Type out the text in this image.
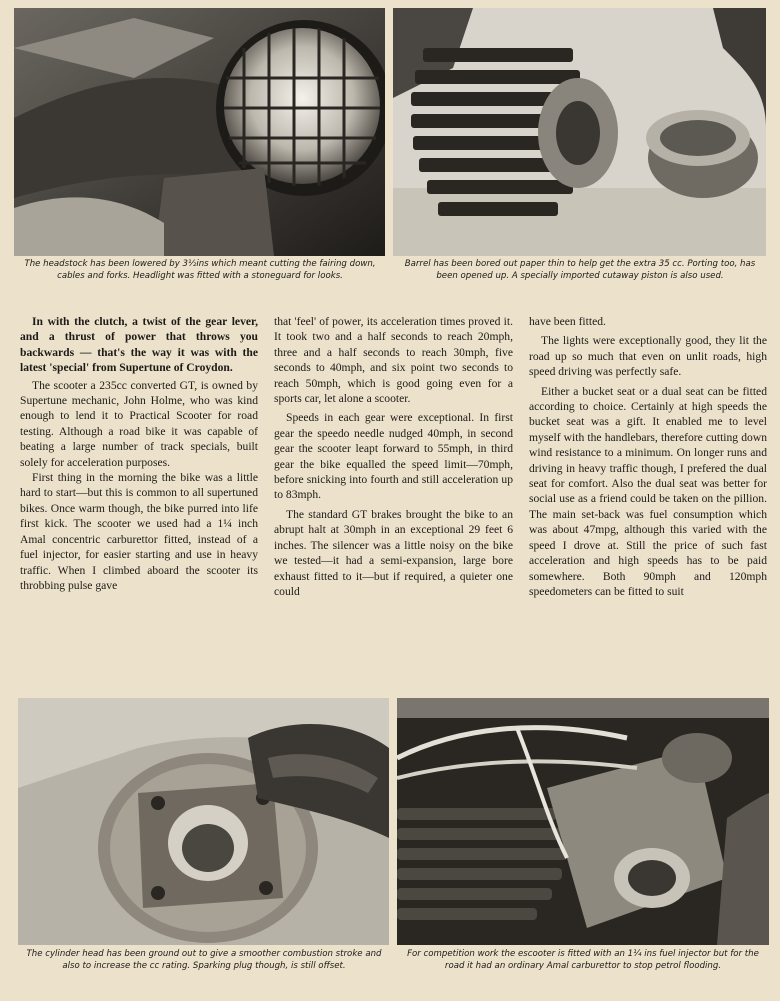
The headstock has been lowered by 3½ins which meant cutting the fairing down, cables and forks. Headlight was fitted with a stoneguard for looks.

Barrel has been bored out paper thin to help get the extra 35 cc. Porting too, has been opened up. A specially imported cutaway piston is also used.

In with the clutch, a twist of the gear lever, and a thrust of power that throws you backwards — that's the way it was with the latest 'special' from Supertune of Croydon.

The scooter a 235cc converted GT, is owned by Supertune mechanic, John Holme, who was kind enough to lend it to Practical Scooter for road testing. Although a road bike it was capable of beating a large number of track specials, built solely for acceleration purposes.

First thing in the morning the bike was a little hard to start—but this is common to all supertuned bikes. Once warm though, the bike purred into life first kick. The scooter we used had a 1¼ inch Amal concentric carburettor fitted, instead of a fuel injector, for easier starting and use in heavy traffic. When I climbed aboard the scooter its throbbing pulse gave

that 'feel' of power, its acceleration times proved it. It took two and a half seconds to reach 20mph, three and a half seconds to reach 30mph, five seconds to 40mph, and six point two seconds to reach 50mph, which is good going even for a sports car, let alone a scooter.

Speeds in each gear were exceptional. In first gear the speedo needle nudged 40mph, in second gear the scooter leapt forward to 55mph, in third gear the bike equalled the speed limit—70mph, before snicking into fourth and still acceleration up to 83mph.

The standard GT brakes brought the bike to an abrupt halt at 30mph in an exceptional 29 feet 6 inches. The silencer was a little noisy on the bike we tested—it had a semi-expansion, large bore exhaust fitted to it—but if required, a quieter one could

have been fitted.

The lights were exceptionally good, they lit the road up so much that even on unlit roads, high speed driving was perfectly safe.

Either a bucket seat or a dual seat can be fitted according to choice. Certainly at high speeds the bucket seat was a gift. It enabled me to level myself with the handlebars, therefore cutting down wind resistance to a minimum. On longer runs and driving in heavy traffic though, I prefered the dual seat for comfort. Also the dual seat was better for social use as a friend could be taken on the pillion. The main set-back was fuel consumption which was about 47mpg, although this varied with the speed I drove at. Still the price of such fast acceleration and high speeds has to be paid somewhere. Both 90mph and 120mph speedometers can be fitted to suit

The cylinder head has been ground out to give a smoother combustion stroke and also to increase the cc rating. Sparking plug though, is still offset.

For competition work the escooter is fitted with an 1¼ ins fuel injector but for the road it had an ordinary Amal carburettor to stop petrol flooding.
